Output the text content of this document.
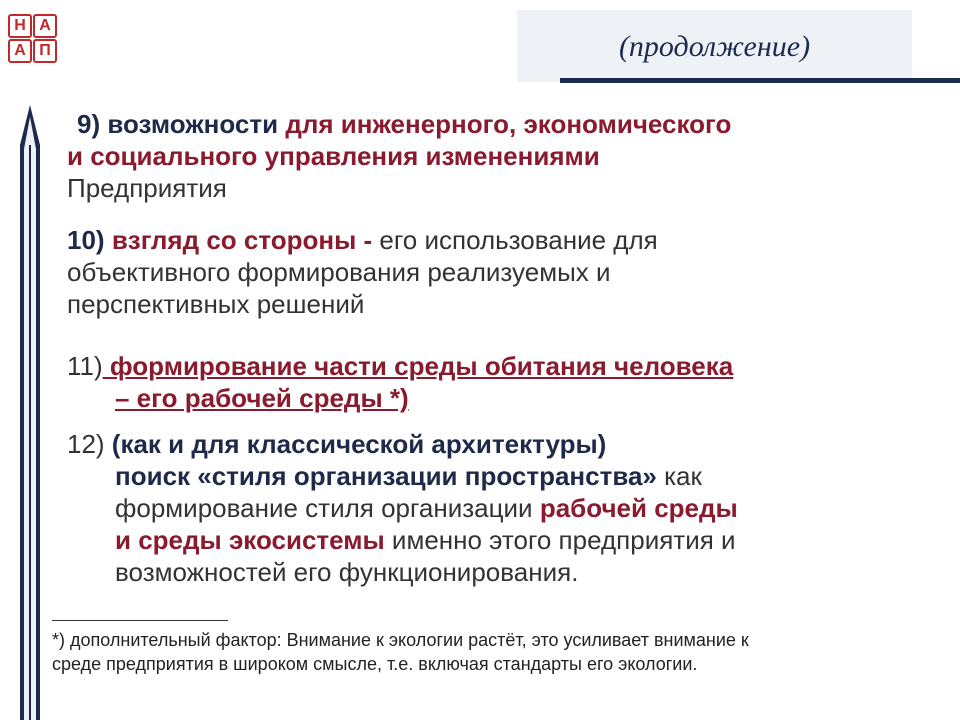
Н А
А П	(продолжение)
9) возможности для инженерного, экономического
и социального управления изменениями
Предприятия
10) взгляд со стороны - его использование для
объективного формирования реализуемых и
перспективных решений
11) формирование части среды обитания человека
– его рабочей среды *)
12) (как и для классической архитектуры)
поиск «стиля организации пространства» как
формирование стиля организации рабочей среды
и среды экосистемы именно этого предприятия и
возможностей его функционирования.
*) дополнительный фактор: Внимание к экологии растёт, это усиливает внимание к
среде предприятия в широком смысле, т.е. включая стандарты его экологии.
